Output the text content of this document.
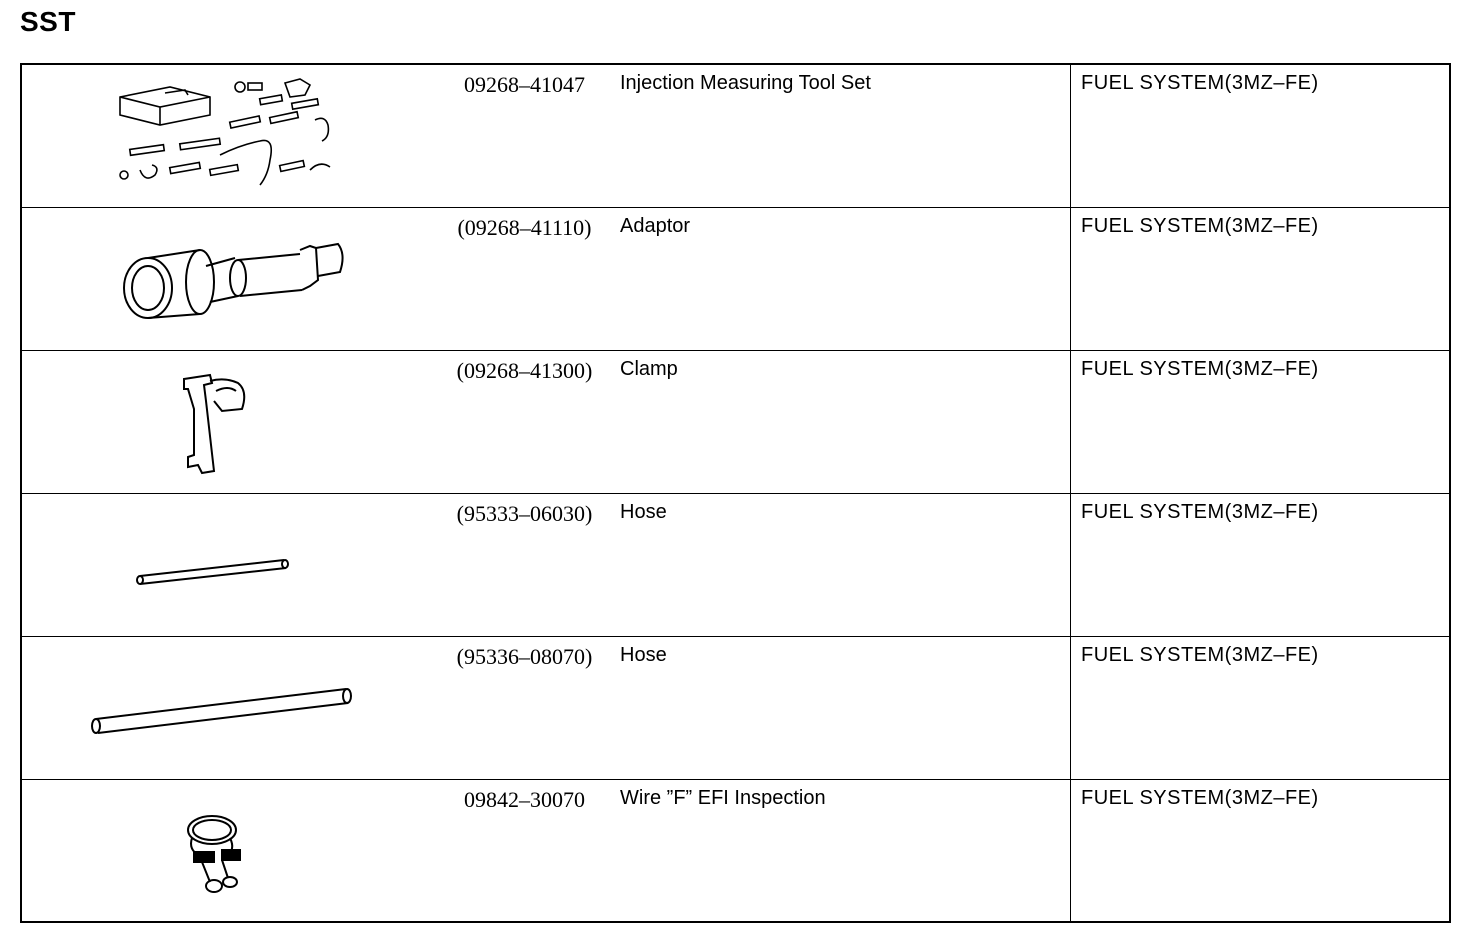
SST
09268–41047 Injection Measuring Tool Set	FUEL SYSTEM(3MZ–FE)

(09268–41110) Adaptor	FUEL SYSTEM(3MZ–FE)

(09268–41300) Clamp	FUEL SYSTEM(3MZ–FE)

(95333–06030) Hose	FUEL SYSTEM(3MZ–FE)

(95336–08070) Hose	FUEL SYSTEM(3MZ–FE)

09842–30070 Wire ”F” EFI Inspection	FUEL SYSTEM(3MZ–FE)
